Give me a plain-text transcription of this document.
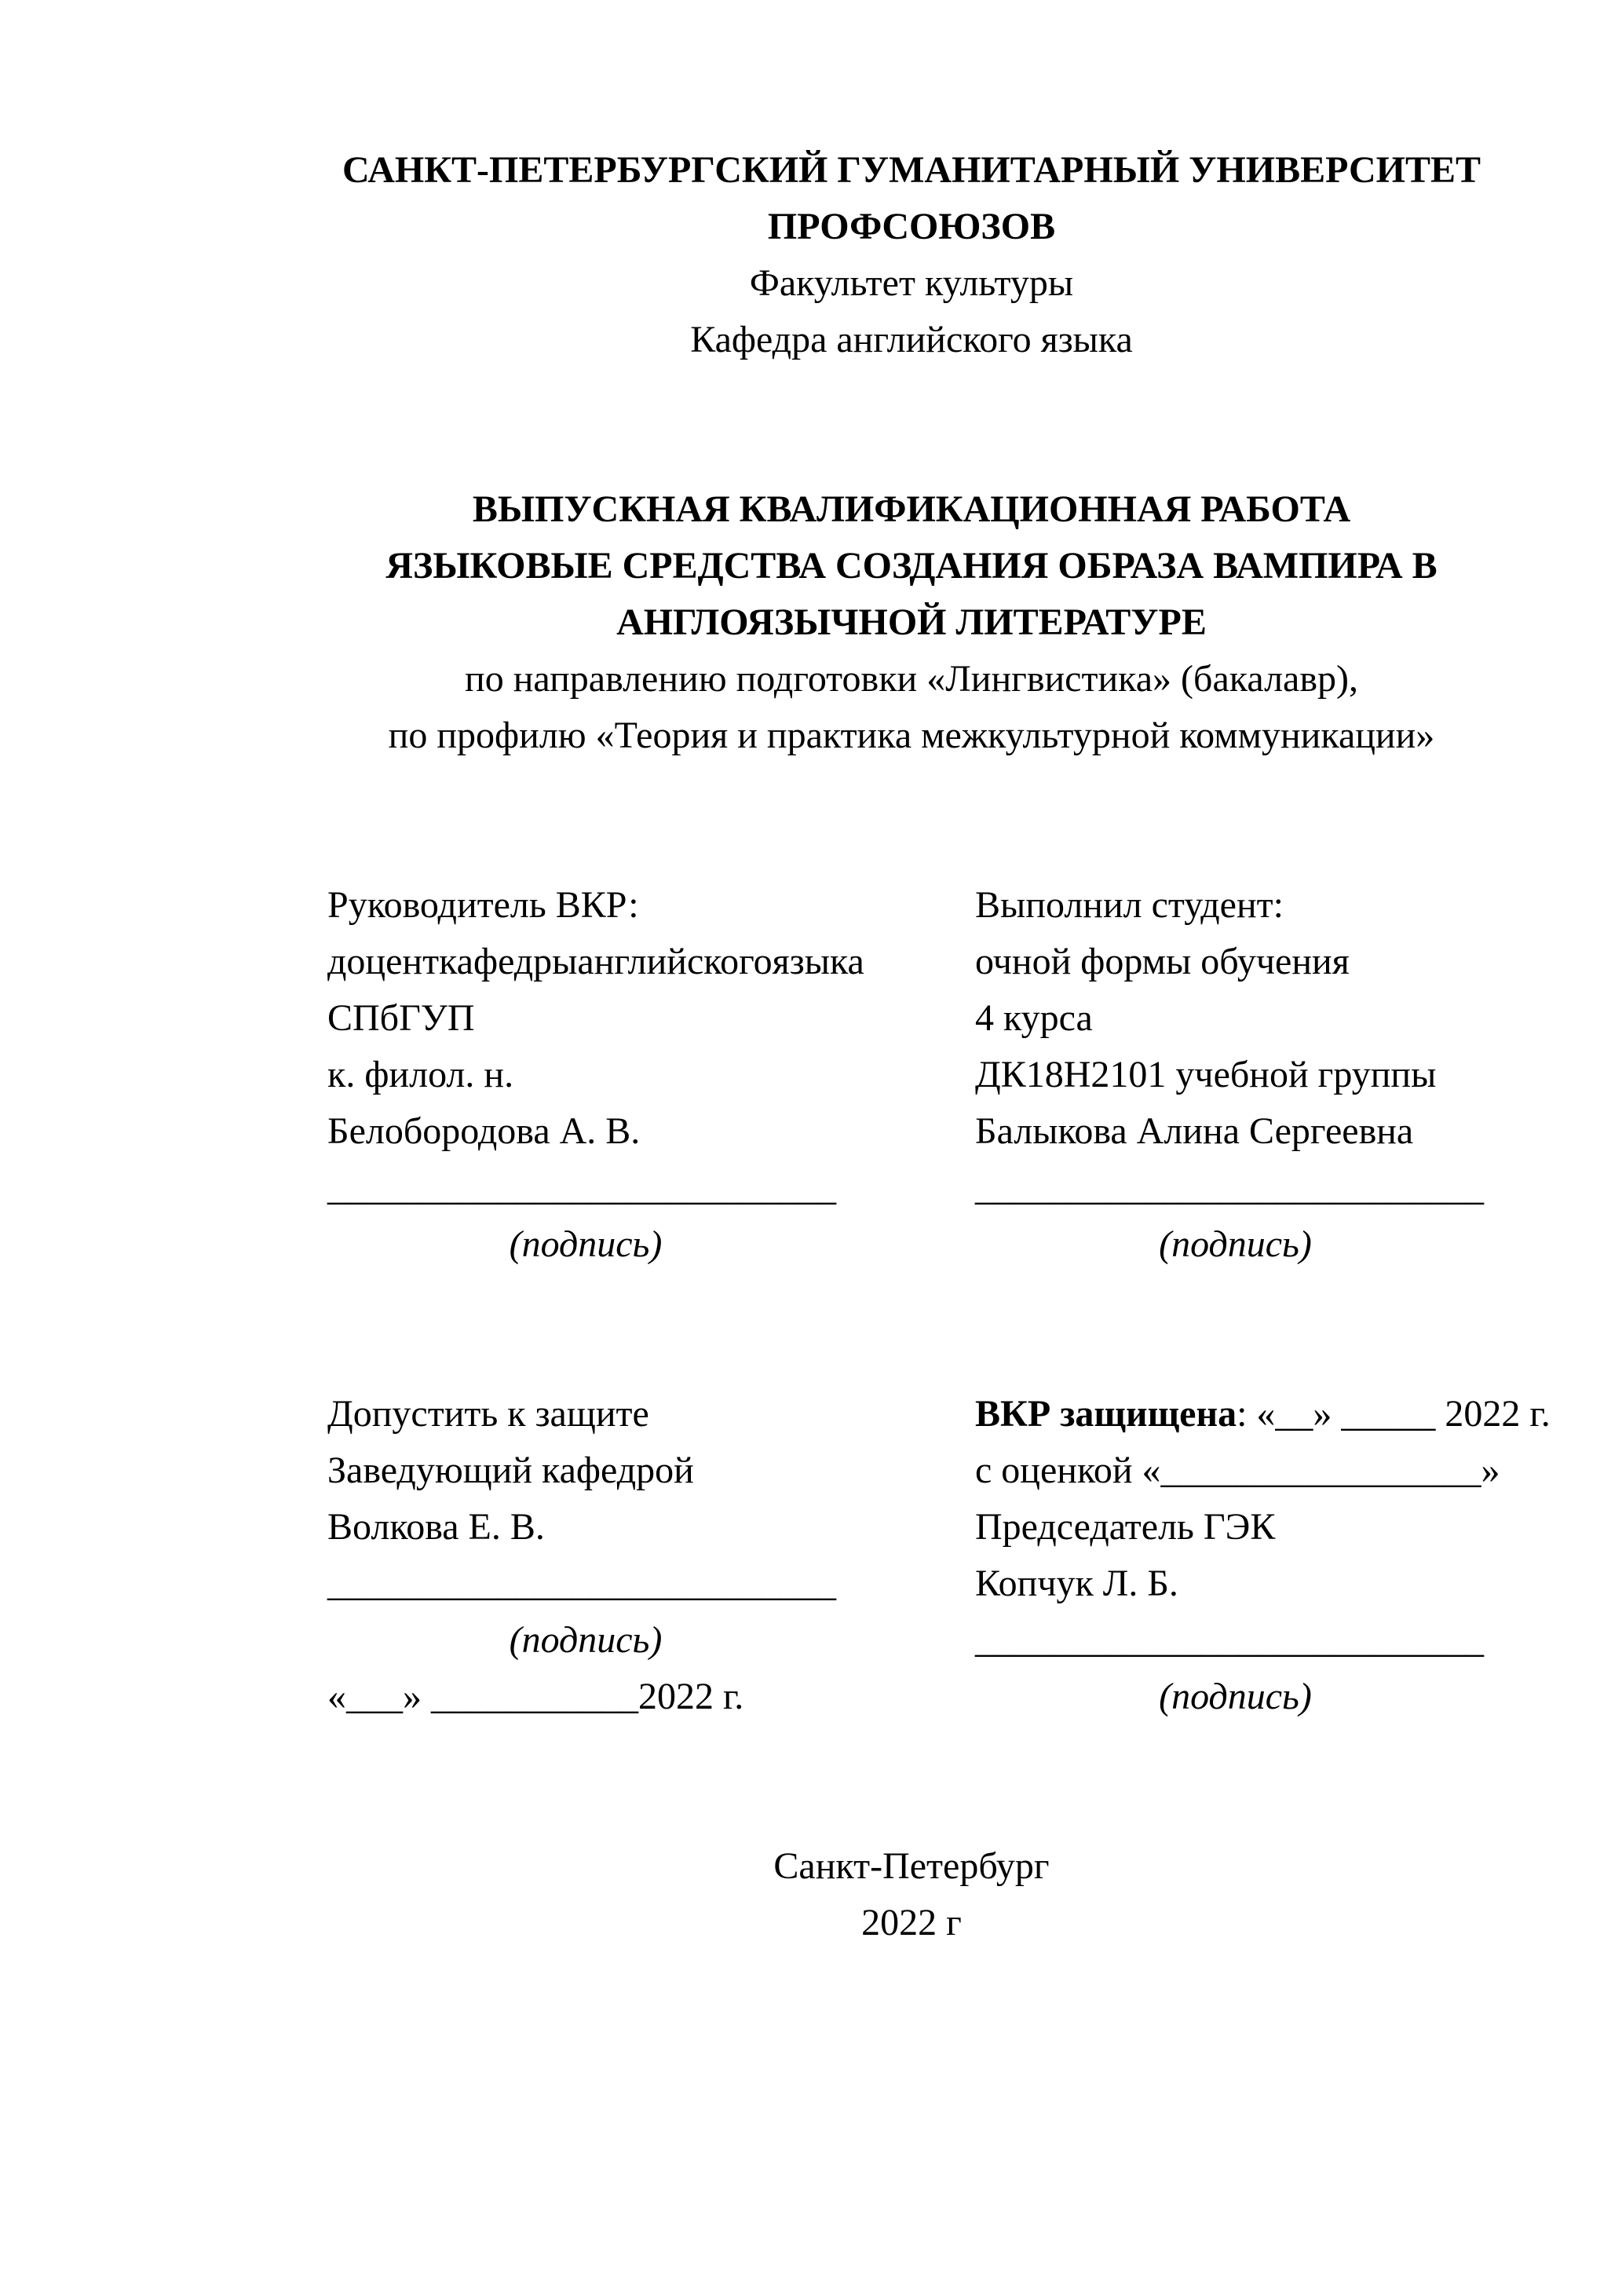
САНКТ-ПЕТЕРБУРГСКИЙ ГУМАНИТАРНЫЙ УНИВЕРСИТЕТ
ПРОФСОЮЗОВ
Факультет культуры
Кафедра английского языка
ВЫПУСКНАЯ КВАЛИФИКАЦИОННАЯ РАБОТА
ЯЗЫКОВЫЕ СРЕДСТВА СОЗДАНИЯ ОБРАЗА ВАМПИРА В
АНГЛОЯЗЫЧНОЙ ЛИТЕРАТУРЕ
по направлению подготовки «Лингвистика» (бакалавр),
по профилю «Теория и практика межкультурной коммуникации»
Руководитель ВКР:
доцент кафедры английского языка
СПбГУП
к. филол. н.
Белобородова А. В.
___________________________
(подпись)
Выполнил студент:
очной формы обучения
4 курса
ДК18Н2101 учебной группы
Балыкова Алина Сергеевна
___________________________
(подпись)
Допустить к защите
Заведующий кафедрой
Волкова Е. В.
___________________________
(подпись)
«___» ___________2022 г.
ВКР защищена: «__» _____ 2022 г.
с оценкой «_________________»
Председатель ГЭК
Копчук Л. Б.
___________________________
(подпись)
Санкт-Петербург
2022 г
